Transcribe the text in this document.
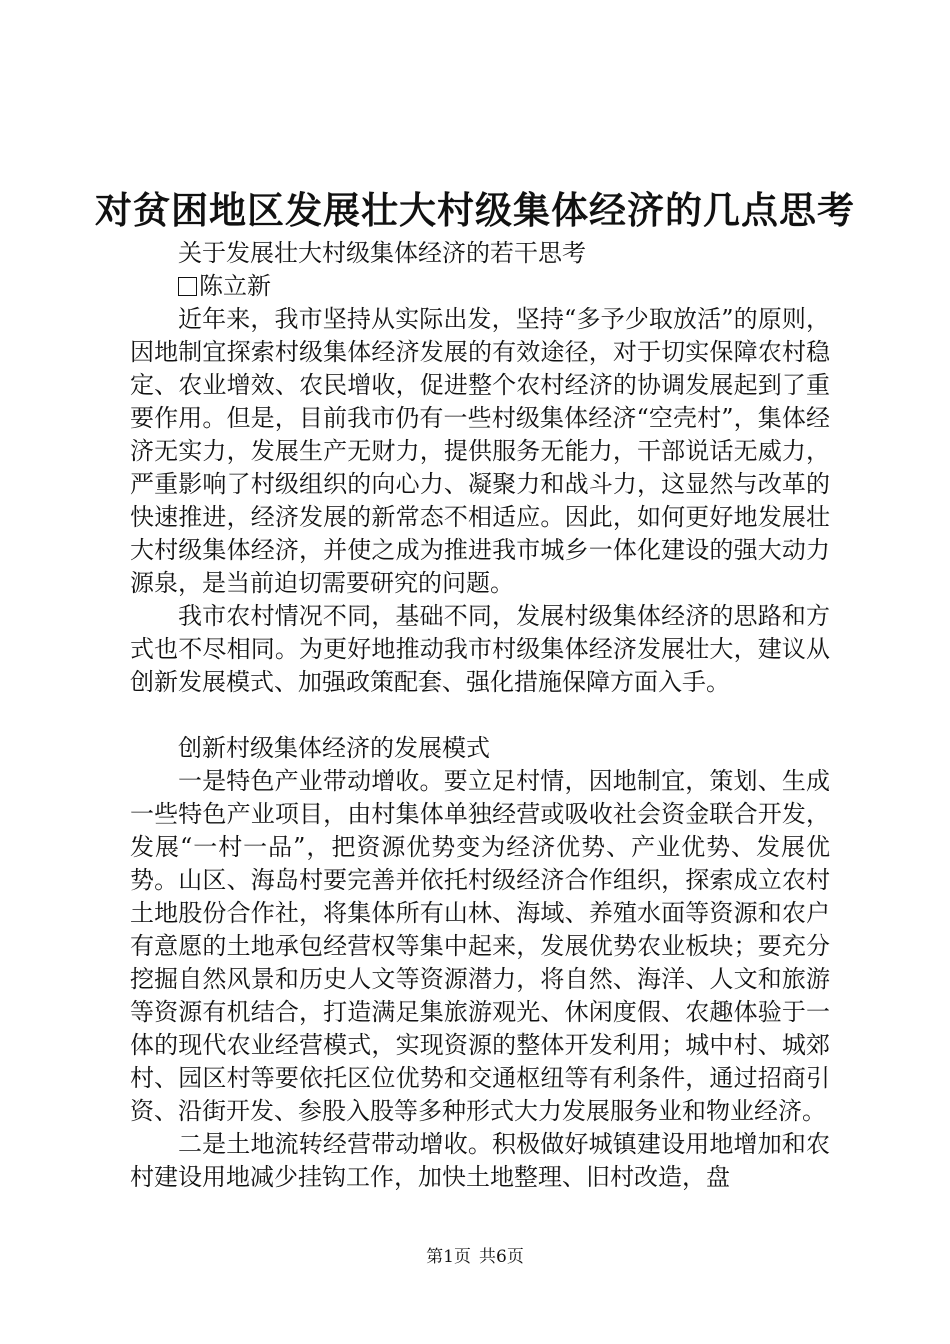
对贫困地区发展壮大村级集体经济的几点思考

关于发展壮大村级集体经济的若干思考

陈立新

近年来，我市坚持从实际出发，坚持“多予少取放活”的原则，因地制宜探索村级集体经济发展的有效途径，对于切实保障农村稳定、农业增效、农民增收，促进整个农村经济的协调发展起到了重要作用。但是，目前我市仍有一些村级集体经济“空壳村”，集体经济无实力，发展生产无财力，提供服务无能力，干部说话无威力，严重影响了村级组织的向心力、凝聚力和战斗力，这显然与改革的快速推进，经济发展的新常态不相适应。因此，如何更好地发展壮大村级集体经济，并使之成为推进我市城乡一体化建设的强大动力源泉，是当前迫切需要研究的问题。

我市农村情况不同，基础不同，发展村级集体经济的思路和方式也不尽相同。为更好地推动我市村级集体经济发展壮大，建议从创新发展模式、加强政策配套、强化措施保障方面入手。

创新村级集体经济的发展模式

一是特色产业带动增收。要立足村情，因地制宜，策划、生成一些特色产业项目，由村集体单独经营或吸收社会资金联合开发，发展“一村一品”，把资源优势变为经济优势、产业优势、发展优势。山区、海岛村要完善并依托村级经济合作组织，探索成立农村土地股份合作社，将集体所有山林、海域、养殖水面等资源和农户有意愿的土地承包经营权等集中起来，发展优势农业板块；要充分挖掘自然风景和历史人文等资源潜力，将自然、海洋、人文和旅游等资源有机结合，打造满足集旅游观光、休闲度假、农趣体验于一体的现代农业经营模式，实现资源的整体开发利用；城中村、城郊村、园区村等要依托区位优势和交通枢纽等有利条件，通过招商引资、沿街开发、参股入股等多种形式大力发展服务业和物业经济。

二是土地流转经营带动增收。积极做好城镇建设用地增加和农村建设用地减少挂钩工作，加快土地整理、旧村改造，盘

第1页 共6页
